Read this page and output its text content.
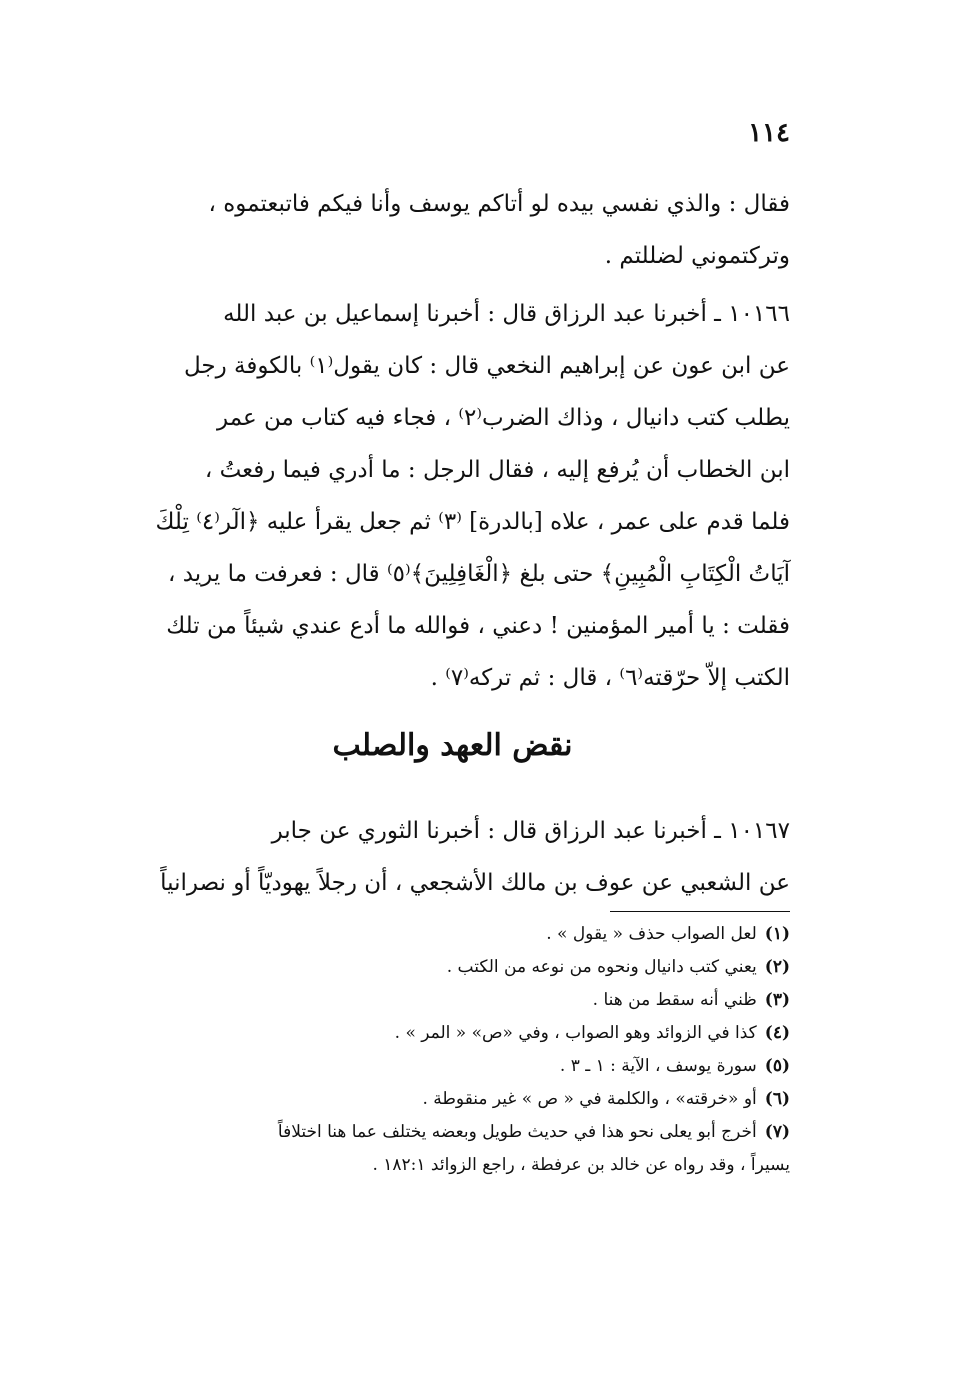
١١٤
فقال : والذي نفسي بيده لو أتاكم يوسف وأنا فيكم فاتبعتموه ،
وتركتموني لضللتم .
١٠١٦٦ ـ أخبرنا عبد الرزاق قال : أخبرنا إسماعيل بن عبد الله
عن ابن عون عن إبراهيم النخعي قال : كان يقول⁽١⁾ بالكوفة رجل
يطلب كتب دانيال ، وذاك الضرب⁽٢⁾ ، فجاء فيه كتاب من عمر
ابن الخطاب أن يُرفع إليه ، فقال الرجل : ما أدري فيما رفعتُ ،
فلما قدم على عمر ، علاه [بالدرة] ⁽٣⁾ ثم جعل يقرأ عليه ﴿الٓر⁽٤⁾ تِلْكَ
آيَاتُ الْكِتَابِ الْمُبِينِ﴾ حتى بلغ ﴿الْغَافِلِينَ﴾⁽٥⁾ قال : فعرفت ما يريد ،
فقلت : يا أمير المؤمنين ! دعني ، فوالله ما أدع عندي شيئاً من تلك
الكتب إلاّ حرّقته⁽٦⁾ ، قال : ثم تركه⁽٧⁾ .
نقض العهد والصلب
١٠١٦٧ ـ أخبرنا عبد الرزاق قال : أخبرنا الثوري عن جابر
عن الشعبي عن عوف بن مالك الأشجعي ، أن رجلاً يهوديّاً أو نصرانياً
(١)لعل الصواب حذف « يقول » .
(٢)يعني كتب دانيال ونحوه من نوعه من الكتب .
(٣)ظني أنه سقط من هنا .
(٤)كذا في الزوائد وهو الصواب ، وفي «ص» « المر » .
(٥)سورة يوسف ، الآية : ١ ـ ٣ .
(٦)أو «خرقته» ، والكلمة في « ص » غير منقوطة .
(٧)أخرج أبو يعلى نحو هذا في حديث طويل وبعضه يختلف عما هنا اختلافاً
يسيراً ، وقد رواه عن خالد بن عرفطة ، راجع الزوائد ١٨٢:١ .
